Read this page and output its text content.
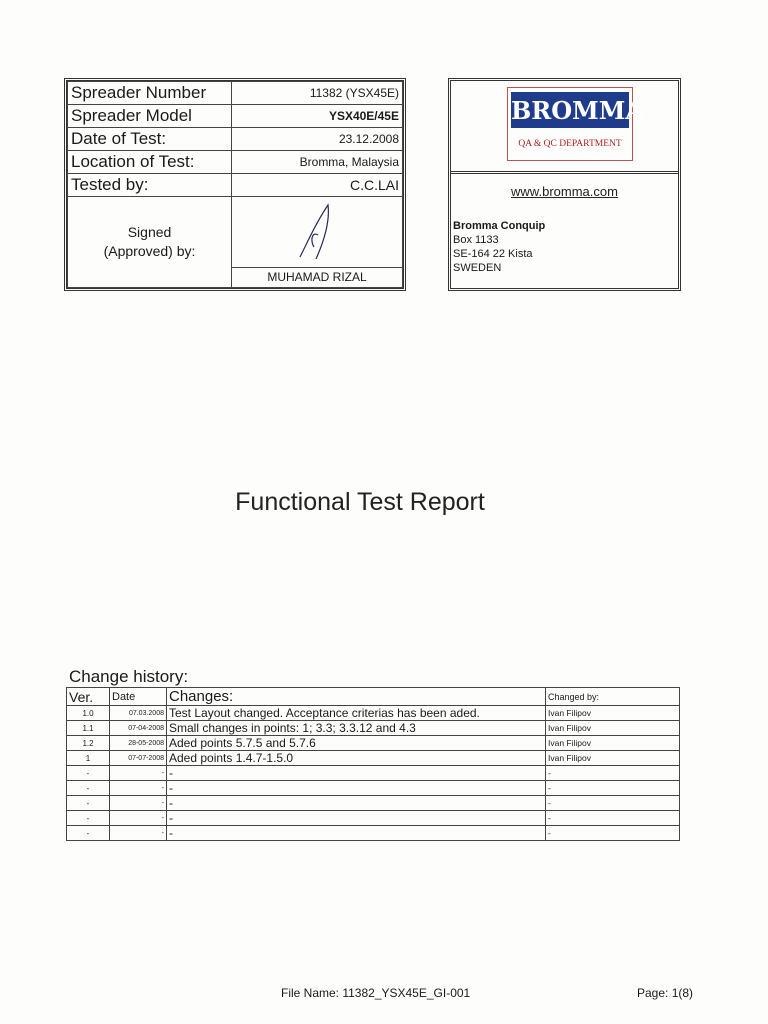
Spreader Number	11382 (YSX45E)
Spreader Model	YSX40E/45E
Date of Test:	23.12.2008
Location of Test:	Bromma, Malaysia
Tested by:	C.C.LAI
Signed
(Approved) by:	MUHAMAD RIZAL
BROMMA
QA & QC DEPARTMENT
www.bromma.com
Bromma Conquip
Box 1133
SE-164 22 Kista
SWEDEN
Functional Test Report
Change history:
Ver.	Date	Changes:	Changed by:
1.0	07.03.2008	Test Layout changed. Acceptance criterias has been aded.	Ivan Filipov
1.1	07-04-2008	Small changes in points: 1; 3.3; 3.3.12 and 4.3	Ivan Filipov
1.2	28-05-2008	Aded points 5.7.5 and 5.7.6	Ivan Filipov
1	07-07-2008	Aded points 1.4.7-1.5.0	Ivan Filipov
-	-	-	-
-	-	-	-
-	-	-	-
-	-	-	-
-	-	-	-
File Name: 11382_YSX45E_GI-001	Page: 1(8)
